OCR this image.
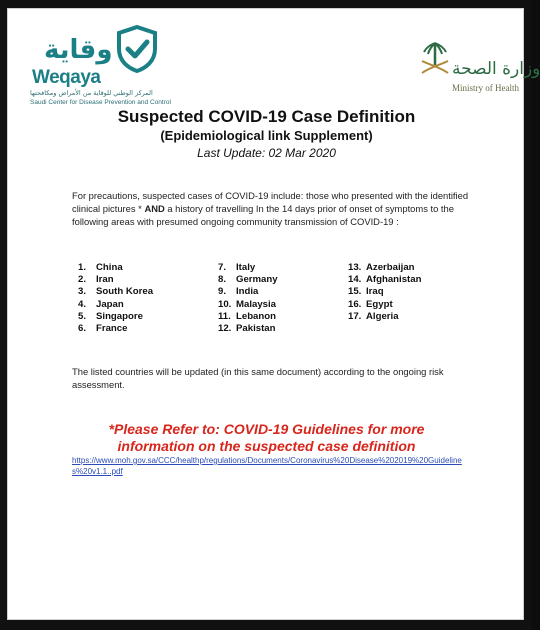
وقاية
Weqaya
المركز الوطني للوقاية من الأمراض ومكافحتها
Saudi Center for Disease Prevention and Control
وزارة الصحة
Ministry of Health
Suspected COVID-19 Case Definition
(Epidemiological link Supplement)
Last Update: 02 Mar 2020
For precautions, suspected cases of COVID-19 include: those who presented with the identified clinical pictures * AND a history of travelling In the 14 days prior of onset of symptoms to the following areas with presumed ongoing community transmission of COVID-19 :
1. China
2. Iran
3. South Korea
4. Japan
5. Singapore
6. France
7. Italy
8. Germany
9. India
10. Malaysia
11. Lebanon
12. Pakistan
13. Azerbaijan
14. Afghanistan
15. Iraq
16. Egypt
17. Algeria
The listed countries will be updated (in this same document) according to the ongoing risk assessment.
*Please Refer to: COVID-19 Guidelines for more
information on the suspected case definition
https://www.moh.gov.sa/CCC/healthp/regulations/Documents/Coronavirus%20Disease%202019%20Guidelines%20v1.1..pdf
